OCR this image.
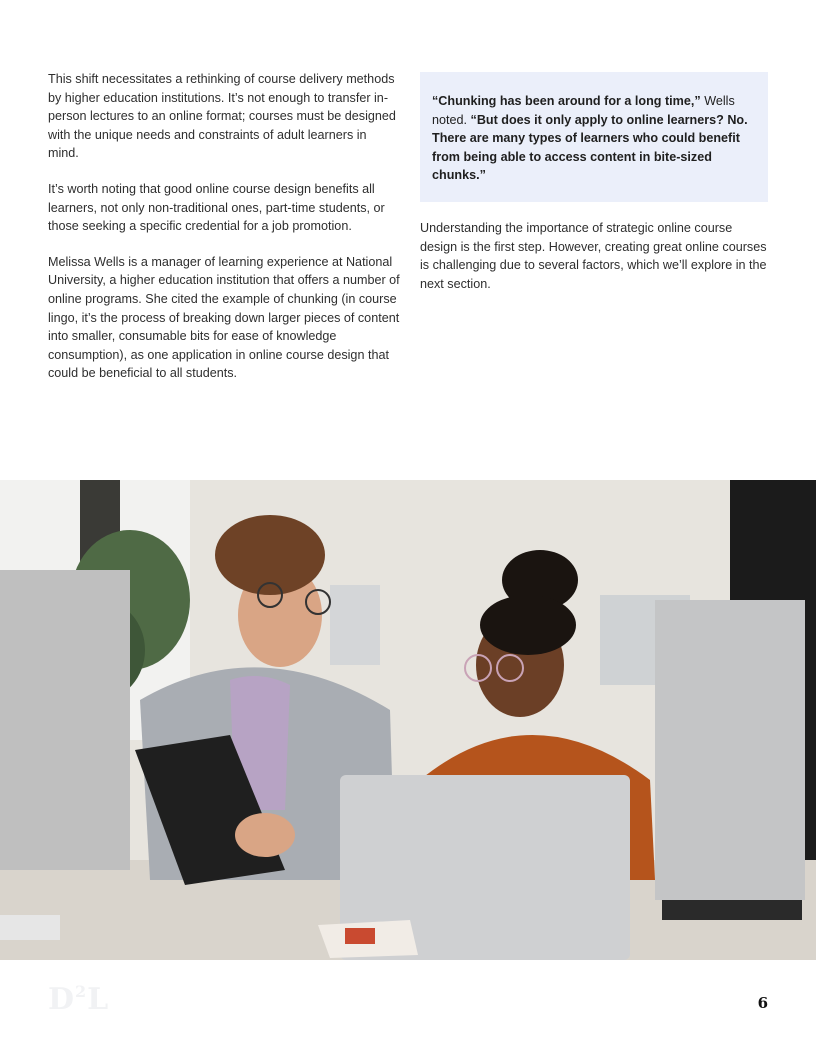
This shift necessitates a rethinking of course delivery methods by higher education institutions. It’s not enough to transfer in-person lectures to an online format; courses must be designed with the unique needs and constraints of adult learners in mind.

It’s worth noting that good online course design benefits all learners, not only non-traditional ones, part-time students, or those seeking a specific credential for a job promotion.

Melissa Wells is a manager of learning experience at National University, a higher education institution that offers a number of online programs. She cited the example of chunking (in course lingo, it’s the process of breaking down larger pieces of content into smaller, consumable bits for ease of knowledge consumption), as one application in online course design that could be beneficial to all students.

“Chunking has been around for a long time,” Wells noted. “But does it only apply to online learners? No. There are many types of learners who could benefit from being able to access content in bite-sized chunks.”

Understanding the importance of strategic online course design is the first step. However, creating great online courses is challenging due to several factors, which we’ll explore in the next section.

$D^2L$	6
